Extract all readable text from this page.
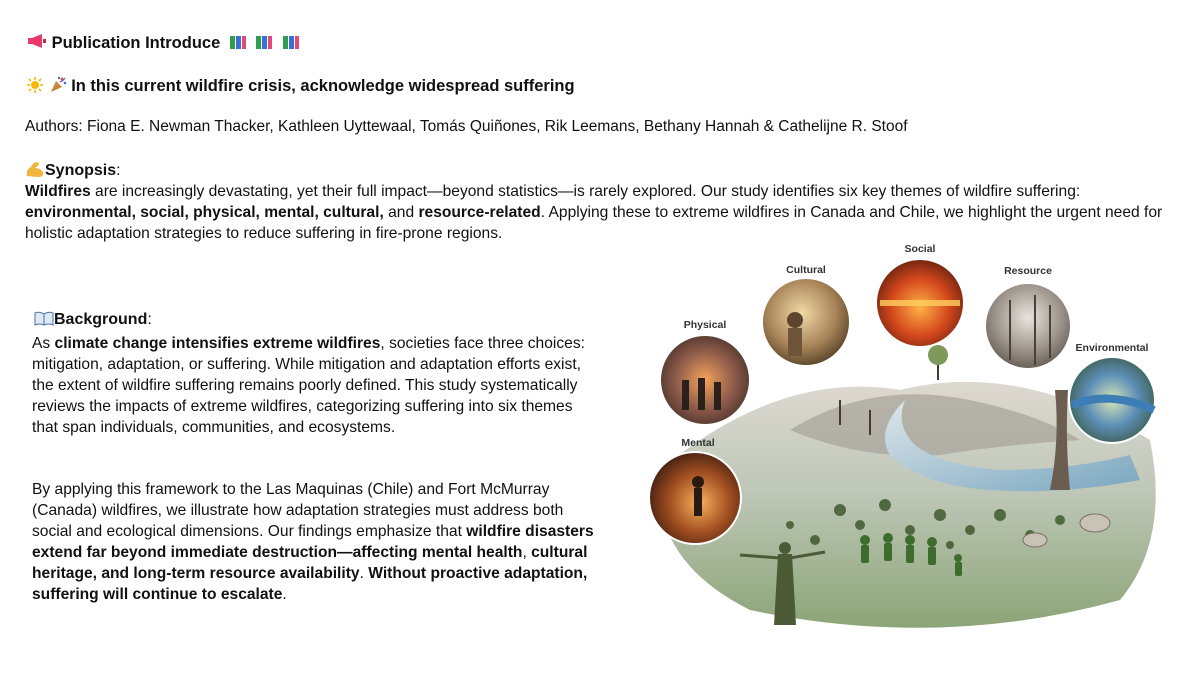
Publication Introduce
In this current wildfire crisis, acknowledge widespread suffering
Authors: Fiona E. Newman Thacker, Kathleen Uyttewaal, Tomás Quiñones, Rik Leemans, Bethany Hannah & Cathelijne R. Stoof
Synopsis:
Wildfires are increasingly devastating, yet their full impact—beyond statistics—is rarely explored. Our study identifies six key themes of wildfire suffering: environmental, social, physical, mental, cultural, and resource-related. Applying these to extreme wildfires in Canada and Chile, we highlight the urgent need for holistic adaptation strategies to reduce suffering in fire-prone regions.
Background:
As climate change intensifies extreme wildfires, societies face three choices: mitigation, adaptation, or suffering. While mitigation and adaptation efforts exist, the extent of wildfire suffering remains poorly defined. This study systematically reviews the impacts of extreme wildfires, categorizing suffering into six themes that span individuals, communities, and ecosystems.
By applying this framework to the Las Maquinas (Chile) and Fort McMurray (Canada) wildfires, we illustrate how adaptation strategies must address both social and ecological dimensions. Our findings emphasize that wildfire disasters extend far beyond immediate destruction—affecting mental health, cultural heritage, and long-term resource availability. Without proactive adaptation, suffering will continue to escalate.
Social
Cultural	Resource
Physical
Environmental
Mental
